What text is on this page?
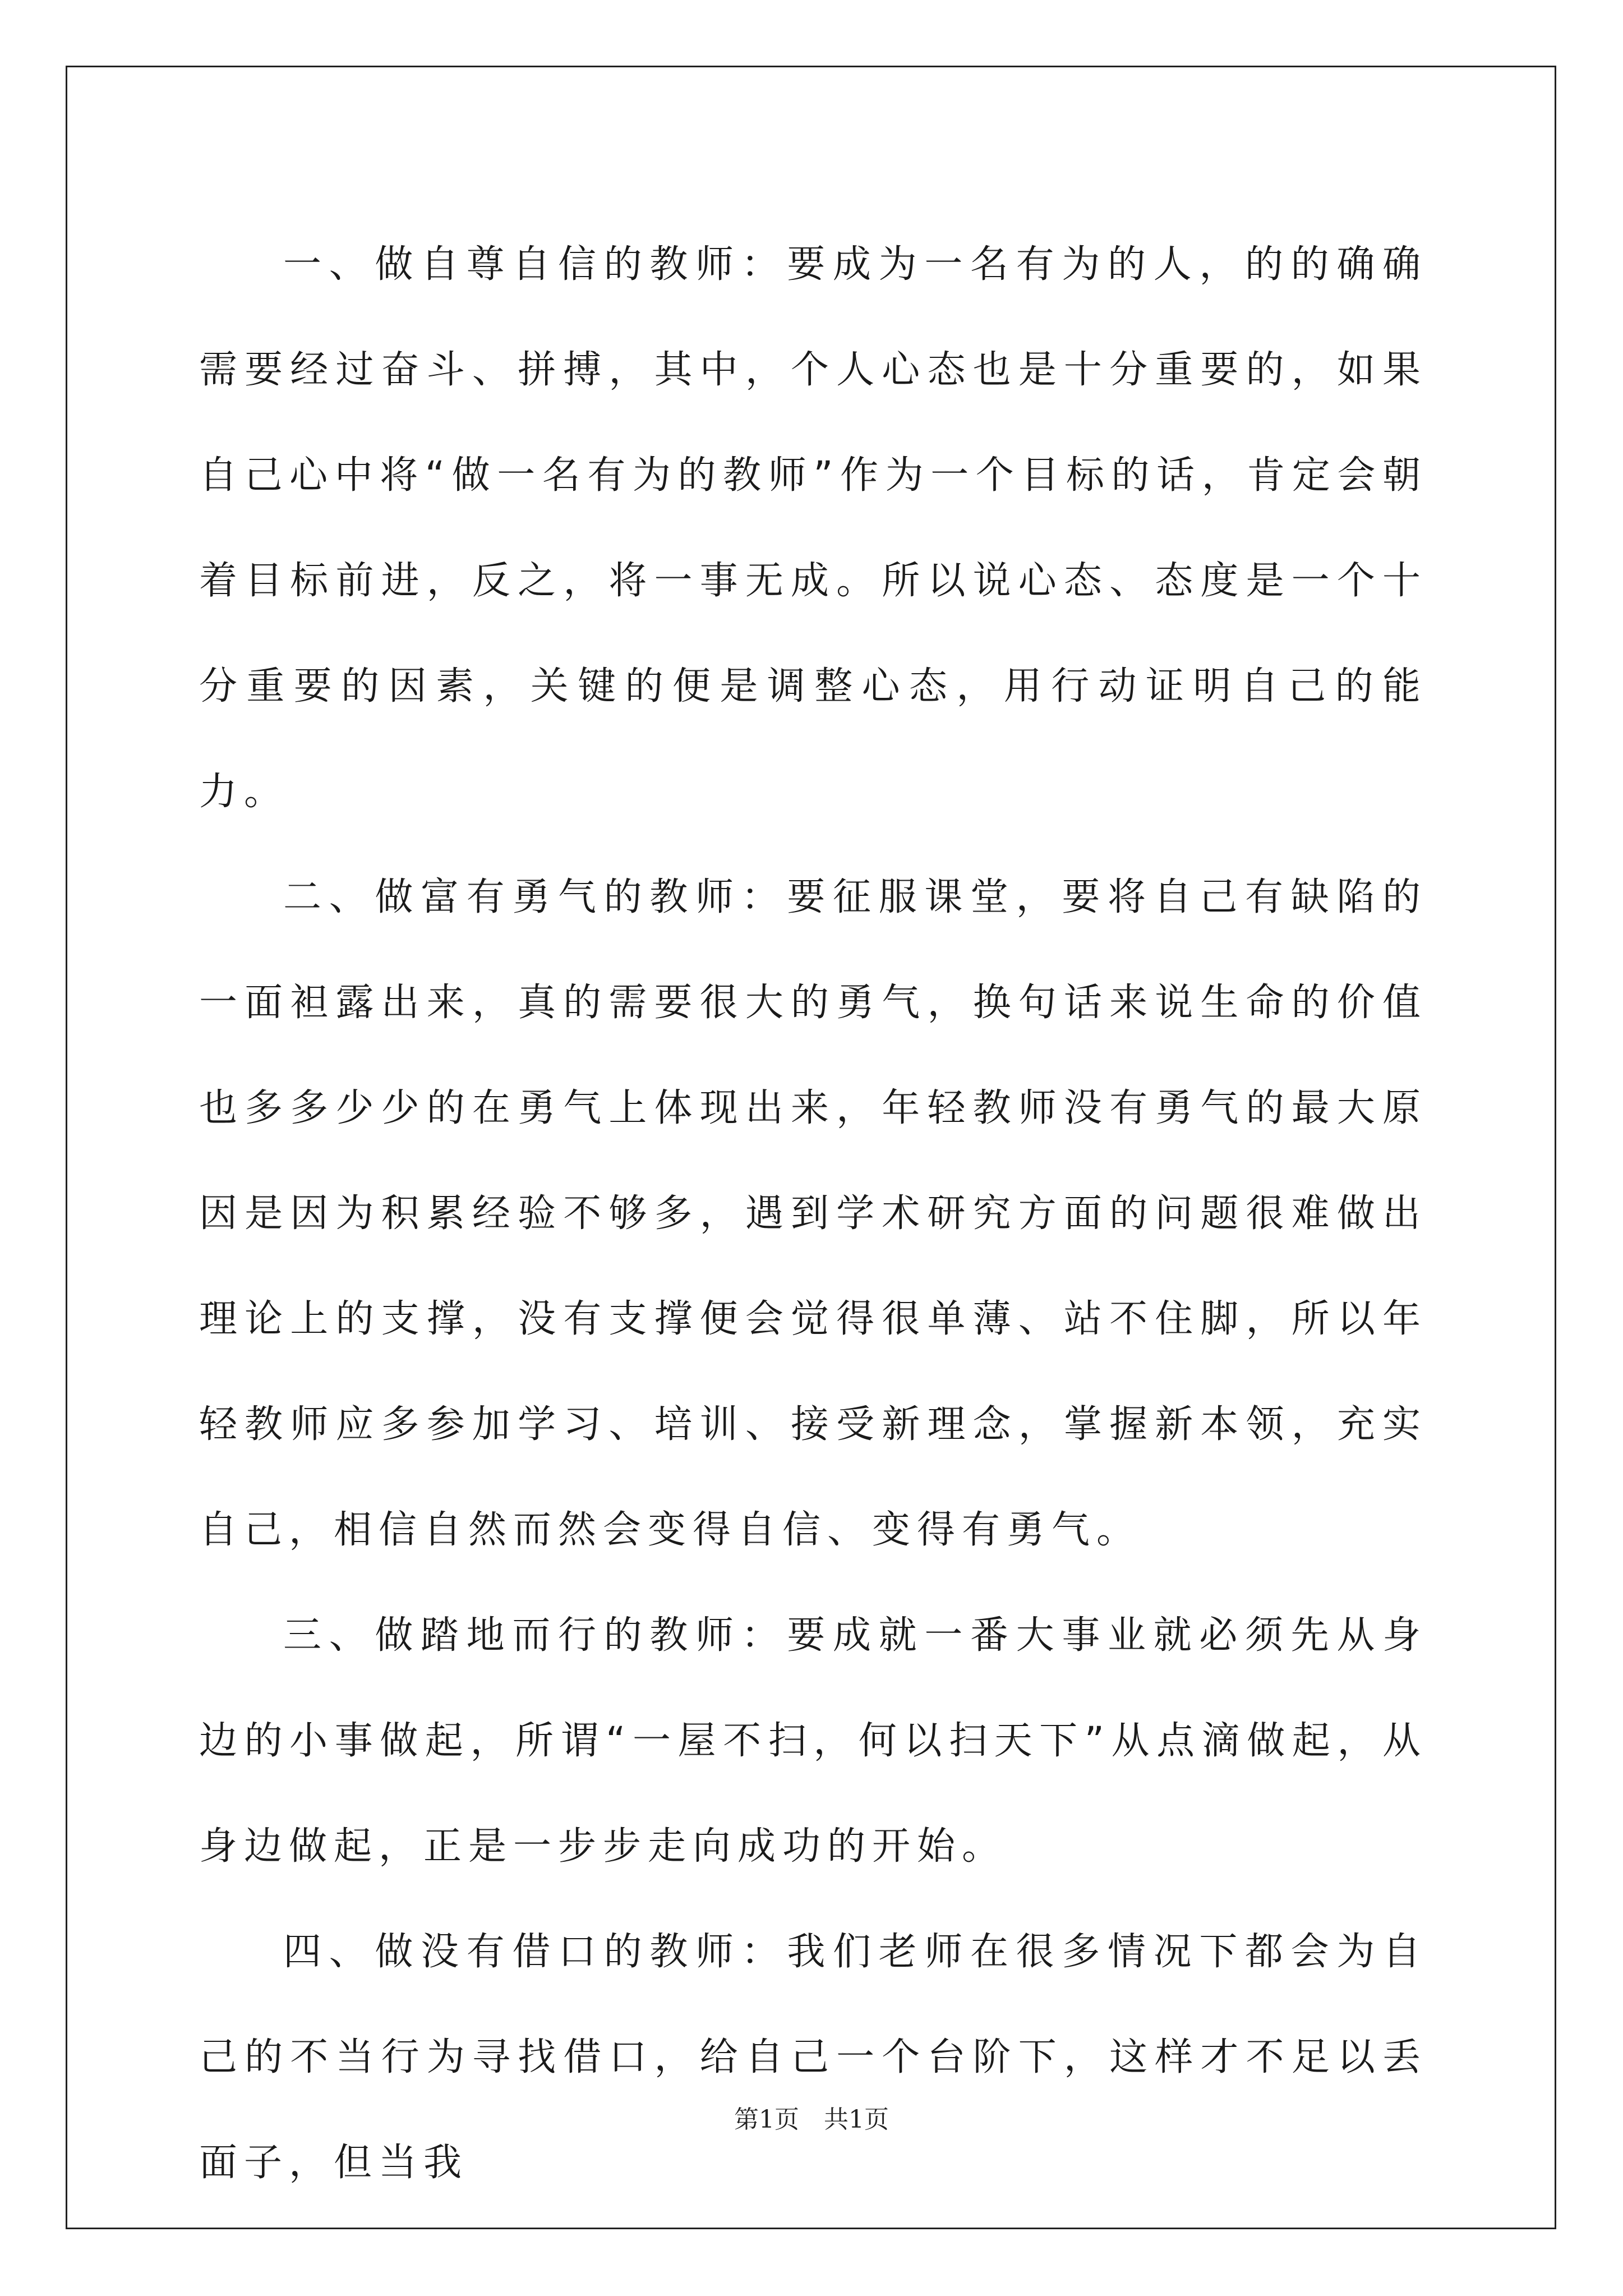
一、做自尊自信的教师：要成为一名有为的人，的的确确需要经过奋斗、拼搏，其中，个人心态也是十分重要的，如果自己心中将“做一名有为的教师”作为一个目标的话，肯定会朝着目标前进，反之，将一事无成。所以说心态、态度是一个十分重要的因素，关键的便是调整心态，用行动证明自己的能力。

二、做富有勇气的教师：要征服课堂，要将自己有缺陷的一面袒露出来，真的需要很大的勇气，换句话来说生命的价值也多多少少的在勇气上体现出来，年轻教师没有勇气的最大原因是因为积累经验不够多，遇到学术研究方面的问题很难做出理论上的支撑，没有支撑便会觉得很单薄、站不住脚，所以年轻教师应多参加学习、培训、接受新理念，掌握新本领，充实自己，相信自然而然会变得自信、变得有勇气。

三、做踏地而行的教师：要成就一番大事业就必须先从身边的小事做起，所谓“一屋不扫，何以扫天下”从点滴做起，从身边做起，正是一步步走向成功的开始。

四、做没有借口的教师：我们老师在很多情况下都会为自己的不当行为寻找借口，给自己一个台阶下，这样才不足以丢面子，但当我

第1页　共1页
